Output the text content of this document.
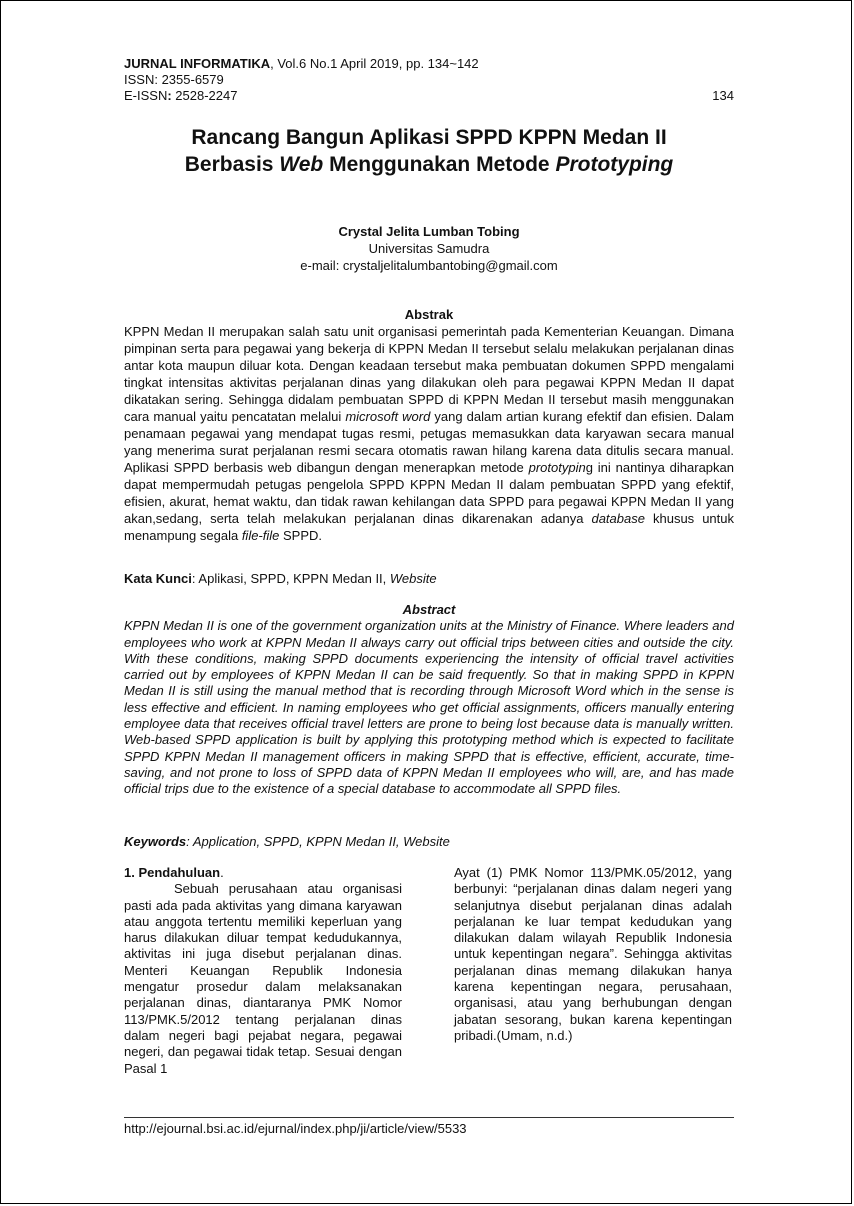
JURNAL INFORMATIKA, Vol.6 No.1 April 2019, pp. 134~142
ISSN: 2355-6579
E-ISSN: 2528-2247	134
Rancang Bangun Aplikasi SPPD KPPN Medan II
Berbasis Web Menggunakan Metode Prototyping
Crystal Jelita Lumban Tobing
Universitas Samudra
e-mail: crystaljelitalumbantobing@gmail.com
Abstrak

KPPN Medan II merupakan salah satu unit organisasi pemerintah pada Kementerian Keuangan. Dimana pimpinan serta para pegawai yang bekerja di KPPN Medan II tersebut selalu melakukan perjalanan dinas antar kota maupun diluar kota. Dengan keadaan tersebut maka pembuatan dokumen SPPD mengalami tingkat intensitas aktivitas perjalanan dinas yang dilakukan oleh para pegawai KPPN Medan II dapat dikatakan sering. Sehingga didalam pembuatan SPPD di KPPN Medan II tersebut masih menggunakan cara manual yaitu pencatatan melalui microsoft word yang dalam artian kurang efektif dan efisien. Dalam penamaan pegawai yang mendapat tugas resmi, petugas memasukkan data karyawan secara manual yang menerima surat perjalanan resmi secara otomatis rawan hilang karena data ditulis secara manual. Aplikasi SPPD berbasis web dibangun dengan menerapkan metode prototyping ini nantinya diharapkan dapat mempermudah petugas pengelola SPPD KPPN Medan II dalam pembuatan SPPD yang efektif, efisien, akurat, hemat waktu, dan tidak rawan kehilangan data SPPD para pegawai KPPN Medan II yang akan,sedang, serta telah melakukan perjalanan dinas dikarenakan adanya database khusus untuk menampung segala file-file SPPD.

Kata Kunci: Aplikasi, SPPD, KPPN Medan II, Website
Abstract

KPPN Medan II is one of the government organization units at the Ministry of Finance. Where leaders and employees who work at KPPN Medan II always carry out official trips between cities and outside the city. With these conditions, making SPPD documents experiencing the intensity of official travel activities carried out by employees of KPPN Medan II can be said frequently. So that in making SPPD in KPPN Medan II is still using the manual method that is recording through Microsoft Word which in the sense is less effective and efficient. In naming employees who get official assignments, officers manually entering employee data that receives official travel letters are prone to being lost because data is manually written. Web-based SPPD application is built by applying this prototyping method which is expected to facilitate SPPD KPPN Medan II management officers in making SPPD that is effective, efficient, accurate, time-saving, and not prone to loss of SPPD data of KPPN Medan II employees who will, are, and has made official trips due to the existence of a special database to accommodate all SPPD files.

Keywords: Application, SPPD, KPPN Medan II, Website
1. Pendahuluan.

Sebuah perusahaan atau organisasi pasti ada pada aktivitas yang dimana karyawan atau anggota tertentu memiliki keperluan yang harus dilakukan diluar tempat kedudukannya, aktivitas ini juga disebut perjalanan dinas. Menteri Keuangan Republik Indonesia mengatur prosedur dalam melaksanakan perjalanan dinas, diantaranya PMK Nomor 113/PMK.5/2012 tentang perjalanan dinas dalam negeri bagi pejabat negara, pegawai negeri, dan pegawai tidak tetap. Sesuai dengan Pasal 1

Ayat (1) PMK Nomor 113/PMK.05/2012, yang berbunyi: “perjalanan dinas dalam negeri yang selanjutnya disebut perjalanan dinas adalah perjalanan ke luar tempat kedudukan yang dilakukan dalam wilayah Republik Indonesia untuk kepentingan negara”. Sehingga aktivitas perjalanan dinas memang dilakukan hanya karena kepentingan negara, perusahaan, organisasi, atau yang berhubungan dengan jabatan sesorang, bukan karena kepentingan pribadi.(Umam, n.d.)

http://ejournal.bsi.ac.id/ejurnal/index.php/ji/article/view/5533
